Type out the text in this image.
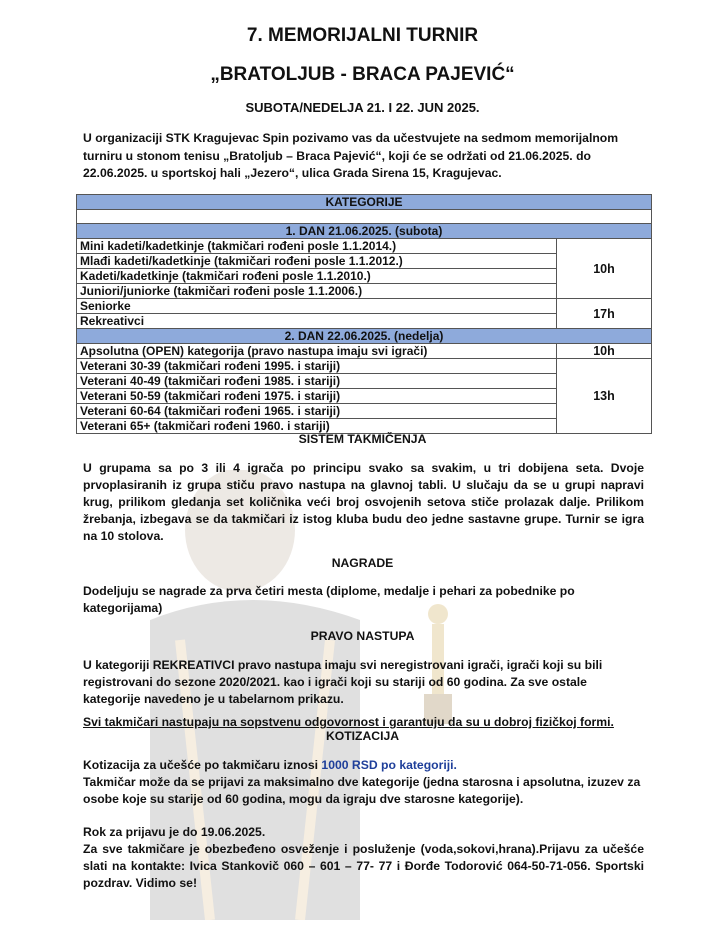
7. MEMORIJALNI TURNIR
„BRATOLJUB - BRACA PAJEVIĆ“
SUBOTA/NEDELJA 21. I 22. JUN 2025.
U organizaciji STK Kragujevac Spin pozivamo vas da učestvujete na sedmom memorijalnom turniru u stonom tenisu „Bratoljub – Braca Pajević“, koji će se održati od 21.06.2025. do 22.06.2025. u sportskoj hali „Jezero“, ulica Grada Sirena 15, Kragujevac.
KATEGORIJE	

1. DAN 21.06.2025. (subota)	
Mini kadeti/kadetkinje (takmičari rođeni posle 1.1.2014.)	10h
Mlađi kadeti/kadetkinje (takmičari rođeni posle 1.1.2012.)	
Kadeti/kadetkinje (takmičari rođeni posle 1.1.2010.)	
Juniori/juniorke (takmičari rođeni posle 1.1.2006.)	
Seniorke	17h
Rekreativci	
2. DAN 22.06.2025. (nedelja)	
Apsolutna (OPEN) kategorija (pravo nastupa imaju svi igrači)	10h
Veterani 30-39 (takmičari rođeni 1995. i stariji)	13h
Veterani 40-49 (takmičari rođeni 1985. i stariji)	
Veterani 50-59 (takmičari rođeni 1975. i stariji)	
Veterani 60-64 (takmičari rođeni 1965. i stariji)	
Veterani 65+ (takmičari rođeni 1960. i stariji)	
SISTEM TAKMIČENJA
U grupama sa po 3 ili 4 igrača po principu svako sa svakim, u tri dobijena seta. Dvoje prvoplasiranih iz grupa stiču pravo nastupa na glavnoj tabli. U slučaju da se u grupi napravi krug, prilikom gledanja set količnika veći broj osvojenih setova stiče prolazak dalje. Prilikom žrebanja, izbegava se da takmičari iz istog kluba budu deo jedne sastavne grupe. Turnir se igra na 10 stolova.
NAGRADE
Dodeljuju se nagrade za prva četiri mesta (diplome, medalje i pehari za pobednike po kategorijama)
PRAVO NASTUPA
U kategoriji REKREATIVCI pravo nastupa imaju svi neregistrovani igrači, igrači koji su bili registrovani do sezone 2020/2021. kao i igrači koji su stariji od 60 godina. Za sve ostale kategorije navedeno je u tabelarnom prikazu.
Svi takmičari nastupaju na sopstvenu odgovornost i garantuju da su u dobroj fizičkoj formi.
KOTIZACIJA
Kotizacija za učešće po takmičaru iznosi 1000 RSD po kategoriji.
Takmičar može da se prijavi za maksimalno dve kategorije (jedna starosna i apsolutna, izuzev za osobe koje su starije od 60 godina, mogu da igraju dve starosne kategorije).
Rok za prijavu je do 19.06.2025.
Za sve takmičare je obezbeđeno osveženje i posluženje (voda,sokovi,hrana).Prijavu za učešće slati na kontakte: Ivica Stankovič 060 – 601 – 77- 77 i Đorđe Todorović 064-50-71-056. Sportski pozdrav. Vidimo se!
